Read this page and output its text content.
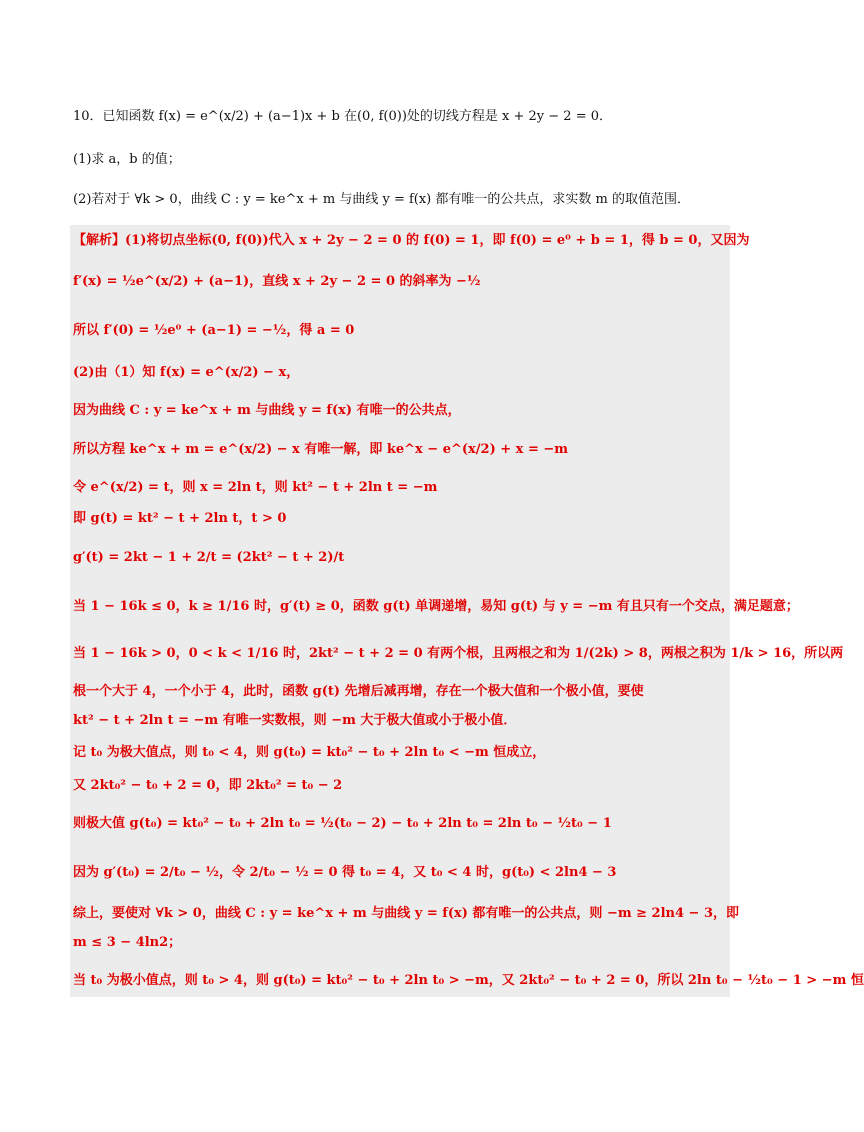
10．已知函数 f(x) = e^(x/2) + (a−1)x + b 在(0, f(0))处的切线方程是 x + 2y − 2 = 0．
(1)求 a，b 的值；
(2)若对于 ∀k > 0，曲线 C : y = ke^x + m 与曲线 y = f(x) 都有唯一的公共点，求实数 m 的取值范围．
【解析】(1)将切点坐标(0, f(0))代入 x + 2y − 2 = 0 的 f(0) = 1，即 f(0) = e⁰ + b = 1，得 b = 0，又因为
f′(x) = ½e^(x/2) + (a−1)，直线 x + 2y − 2 = 0 的斜率为 −½
所以 f′(0) = ½e⁰ + (a−1) = −½，得 a = 0
(2)由（1）知 f(x) = e^(x/2) − x，
因为曲线 C : y = ke^x + m 与曲线 y = f(x) 有唯一的公共点，
所以方程 ke^x + m = e^(x/2) − x 有唯一解，即 ke^x − e^(x/2) + x = −m
令 e^(x/2) = t，则 x = 2ln t，则 kt² − t + 2ln t = −m
即 g(t) = kt² − t + 2ln t，t > 0
g′(t) = 2kt − 1 + 2/t = (2kt² − t + 2)/t
当 1 − 16k ≤ 0，k ≥ 1/16 时，g′(t) ≥ 0，函数 g(t) 单调递增，易知 g(t) 与 y = −m 有且只有一个交点，满足题意；
当 1 − 16k > 0，0 < k < 1/16 时，2kt² − t + 2 = 0 有两个根，且两根之和为 1/(2k) > 8，两根之积为 1/k > 16，所以两
根一个大于 4，一个小于 4，此时，函数 g(t) 先增后减再增，存在一个极大值和一个极小值，要使
kt² − t + 2ln t = −m 有唯一实数根，则 −m 大于极大值或小于极小值．
记 t₀ 为极大值点，则 t₀ < 4，则 g(t₀) = kt₀² − t₀ + 2ln t₀ < −m 恒成立，
又 2kt₀² − t₀ + 2 = 0，即 2kt₀² = t₀ − 2
则极大值 g(t₀) = kt₀² − t₀ + 2ln t₀ = ½(t₀ − 2) − t₀ + 2ln t₀ = 2ln t₀ − ½t₀ − 1
因为 g′(t₀) = 2/t₀ − ½，令 2/t₀ − ½ = 0 得 t₀ = 4，又 t₀ < 4 时，g(t₀) < 2ln4 − 3
综上，要使对 ∀k > 0，曲线 C : y = ke^x + m 与曲线 y = f(x) 都有唯一的公共点，则 −m ≥ 2ln4 − 3，即
m ≤ 3 − 4ln2；
当 t₀ 为极小值点，则 t₀ > 4，则 g(t₀) = kt₀² − t₀ + 2ln t₀ > −m，又 2kt₀² − t₀ + 2 = 0，所以 2ln t₀ − ½t₀ − 1 > −m 恒
